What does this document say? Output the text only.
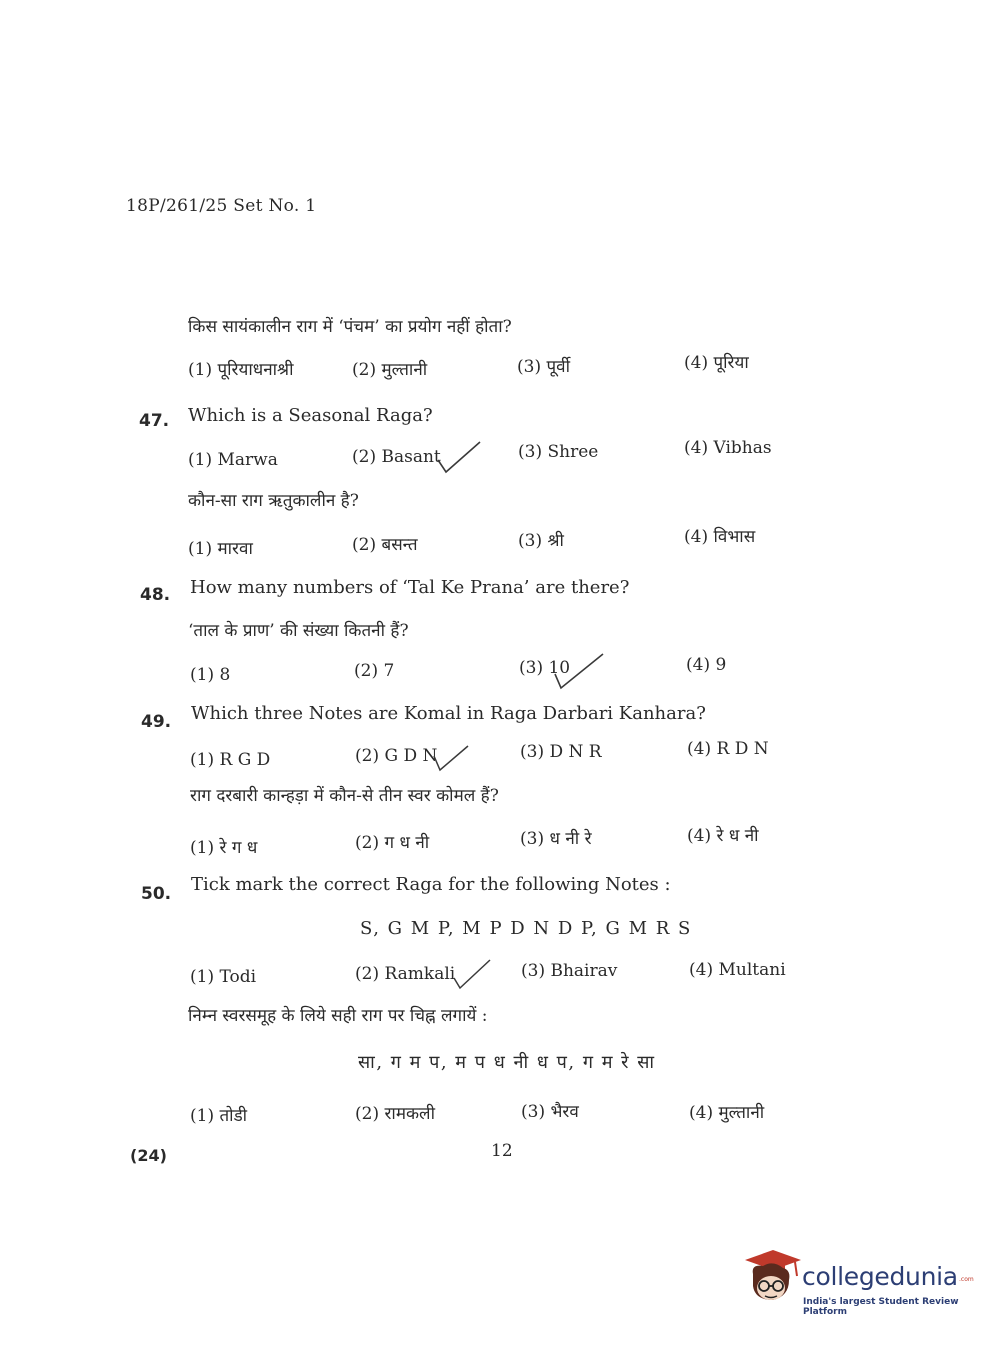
18P/261/25 Set No. 1
किस सायंकालीन राग में ‘पंचम’ का प्रयोग नहीं होता?
(1) पूरियाधनाश्री	(2) मुल्तानी	(3) पूर्वी	(4) पूरिया
47. Which is a Seasonal Raga?
(1) Marwa	(2) Basant	(3) Shree	(4) Vibhas
कौन-सा राग ऋतुकालीन है?
(1) मारवा	(2) बसन्त	(3) श्री	(4) विभास
48. How many numbers of ‘Tal Ke Prana’ are there?
‘ताल के प्राण’ की संख्या कितनी हैं?
(1) 8	(2) 7	(3) 10	(4) 9
49. Which three Notes are Komal in Raga Darbari Kanhara?
(1) R G D	(2) G D N	(3) D N R	(4) R D N
राग दरबारी कान्हड़ा में कौन-से तीन स्वर कोमल हैं?
(1) रे ग ध	(2) ग ध नी	(3) ध नी रे	(4) रे ध नी
50. Tick mark the correct Raga for the following Notes :
S, G M P, M P D N D P, G M R S
(1) Todi	(2) Ramkali	(3) Bhairav	(4) Multani
निम्न स्वरसमूह के लिये सही राग पर चिह्न लगायें :
सा, ग म प, म प ध नी ध प, ग म रे सा
(1) तोडी	(2) रामकली	(3) भैरव	(4) मुल्तानी
(24)	12
collegedunia .com
India's largest Student Review Platform
